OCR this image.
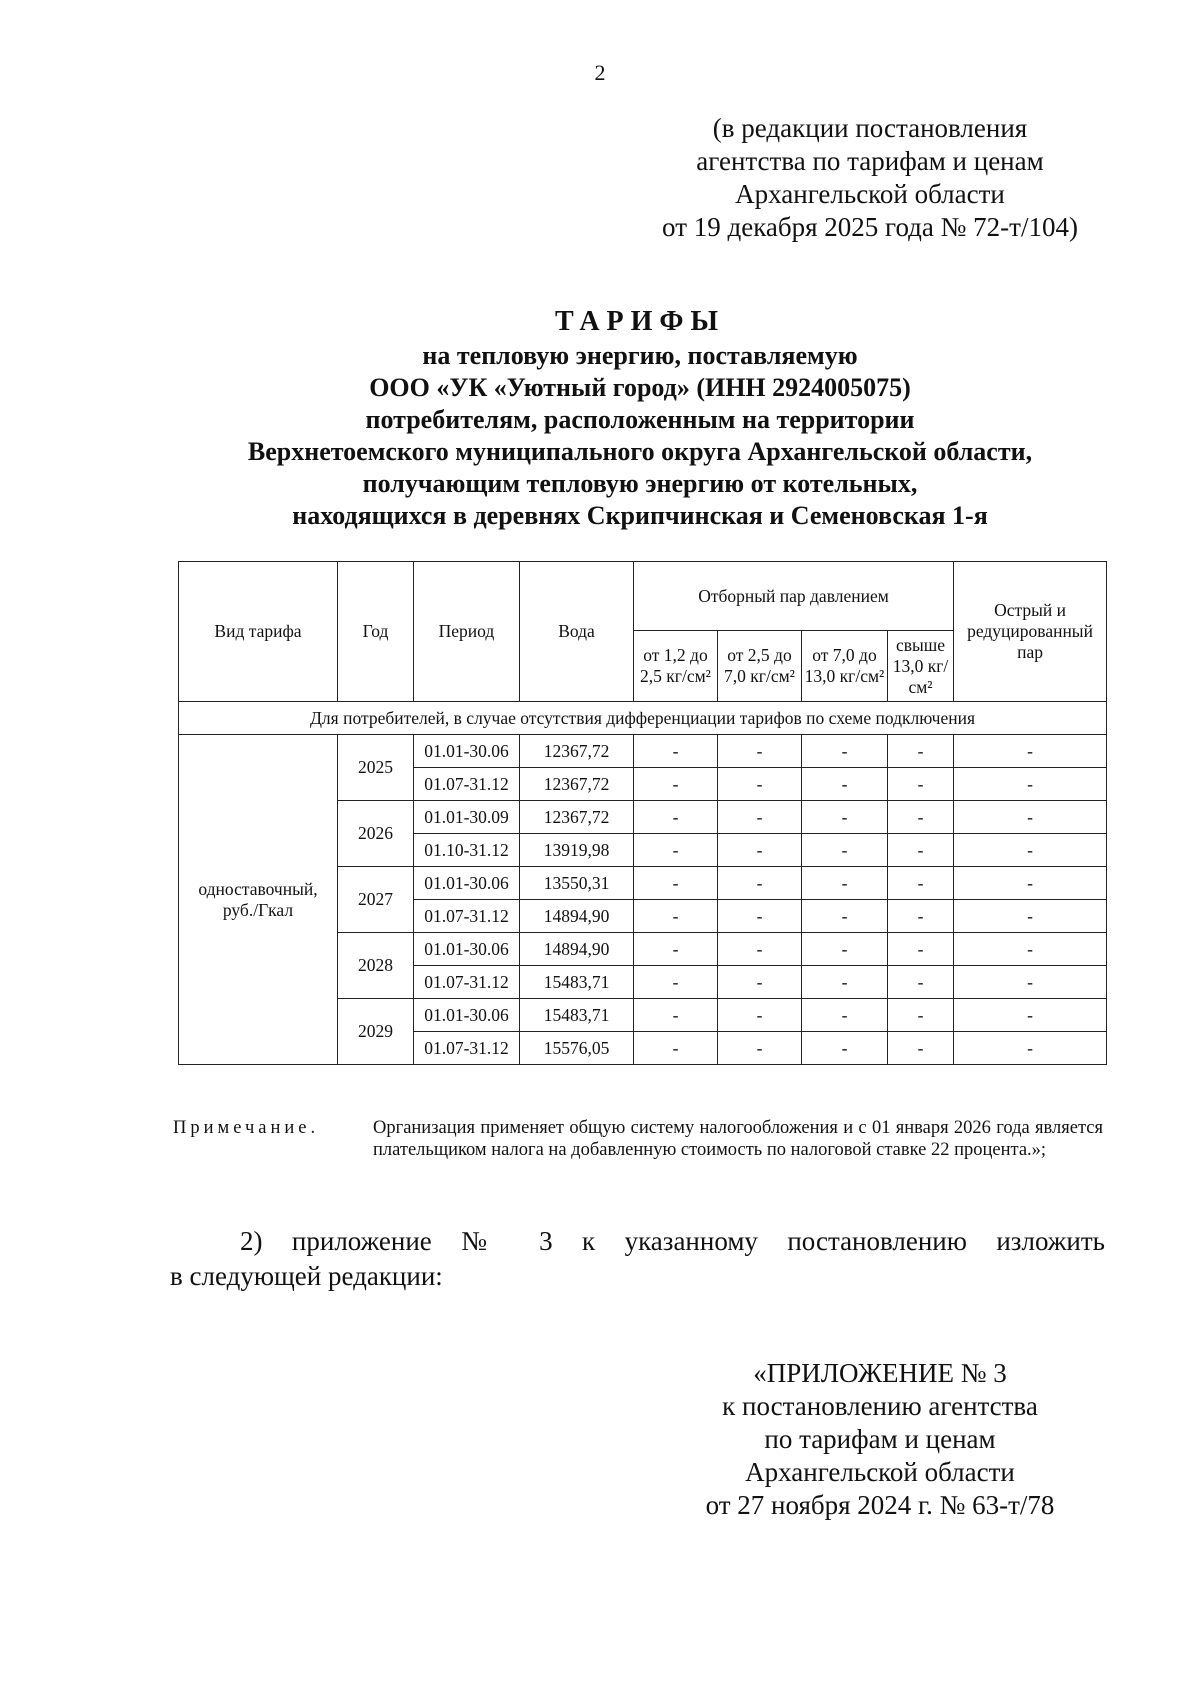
2
(в редакции постановления
агентства по тарифам и ценам
Архангельской области
от 19 декабря 2025 года № 72-т/104)
ТАРИФЫ
на тепловую энергию, поставляемую
ООО «УК «Уютный город» (ИНН 2924005075)
потребителям, расположенным на территории
Верхнетоемского муниципального округа Архангельской области,
получающим тепловую энергию от котельных,
находящихся в деревнях Скрипчинская и Семеновская 1-я
Вид тарифа	Год	Период	Вода	Отборный пар давлением				Острый и редуцированный пар
				от 1,2 до 2,5 кг/см²	от 2,5 до 7,0 кг/см²	от 7,0 до 13,0 кг/см²	свыше 13,0 кг/см²	
Для потребителей, в случае отсутствия дифференциации тарифов по схеме подключения								
одноставочный, руб./Гкал	2025	01.01-30.06	12367,72	-	-	-	-	-
		01.07-31.12	12367,72	-	-	-	-	-
	2026	01.01-30.09	12367,72	-	-	-	-	-
		01.10-31.12	13919,98	-	-	-	-	-
	2027	01.01-30.06	13550,31	-	-	-	-	-
		01.07-31.12	14894,90	-	-	-	-	-
	2028	01.01-30.06	14894,90	-	-	-	-	-
		01.07-31.12	15483,71	-	-	-	-	-
	2029	01.01-30.06	15483,71	-	-	-	-	-
		01.07-31.12	15576,05	-	-	-	-	-
Примечание.	Организация применяет общую систему налогообложения и с 01 января 2026 года является плательщиком налога на добавленную стоимость по налоговой ставке 22 процента.»;
2) приложение № 3 к указанному постановлению изложить
в следующей редакции:
«ПРИЛОЖЕНИЕ № 3
к постановлению агентства
по тарифам и ценам
Архангельской области
от 27 ноября 2024 г. № 63-т/78
